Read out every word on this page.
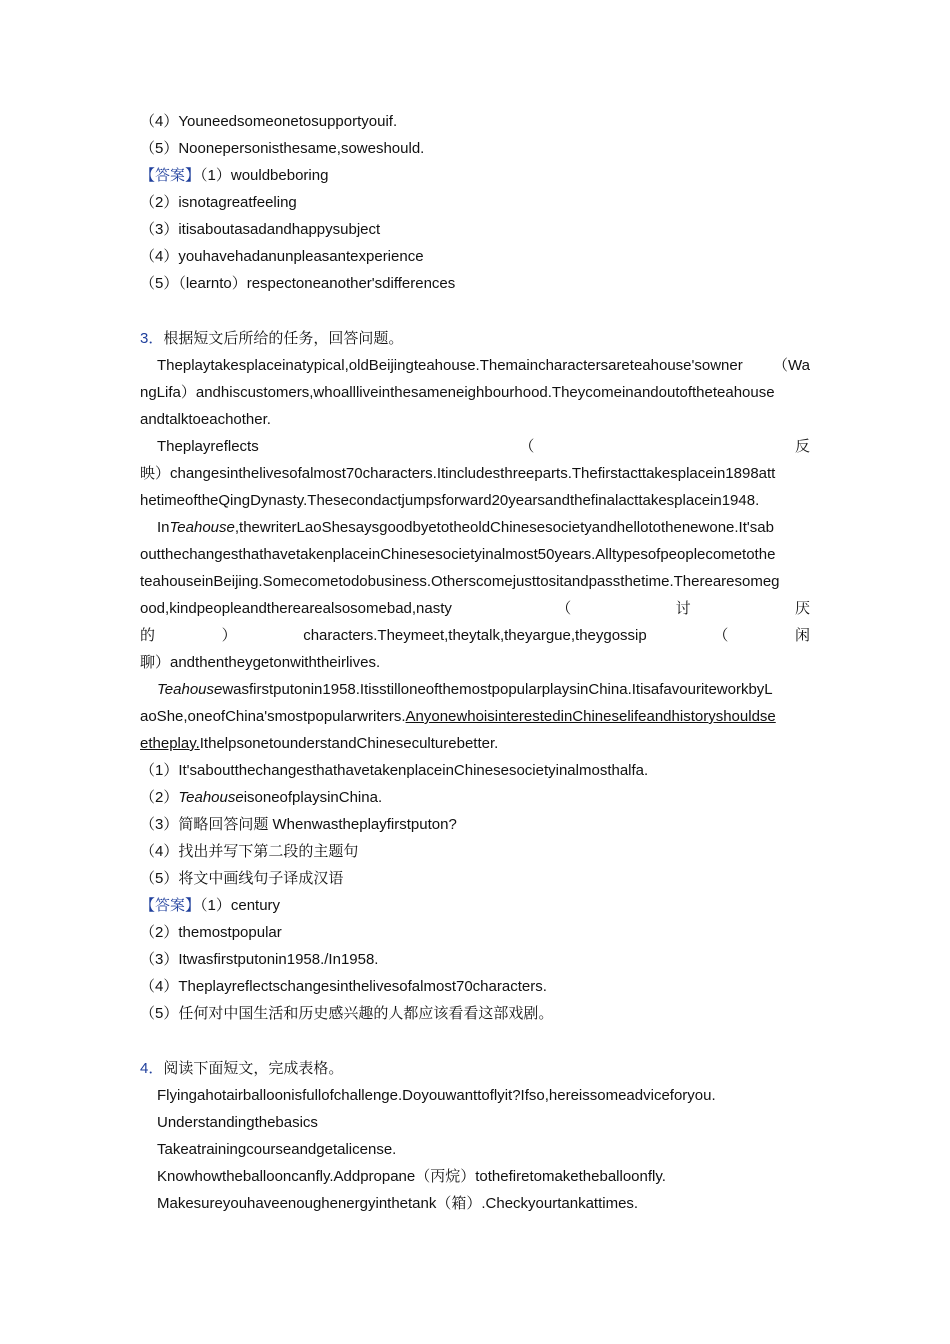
（4）Youneedsomeonetosupportyouif.
（5）Noonepersonisthesame,soweshould.
【答案】（1）wouldbeboring
（2）isnotagreatfeeling
（3）itisaboutasadandhappysubject
（4）youhavehadanunpleasantexperience
（5）（learnto）respectoneanother'sdifferences
3．根据短文后所给的任务，回答问题。
Theplaytakesplaceinatypical,oldBeijingteahouse.Themaincharactersareteahouse'sowner （Wa
ngLifa）andhiscustomers,whoallliveinthesameneighbourhood.Theycomeinandoutoftheteahouse
andtalktoeachother.
Theplayreflects	（	反
映）changesinthelivesofalmost70characters.Itincludesthreeparts.Thefirstacttakesplacein1898att
hetimeoftheQingDynasty.Thesecondactjumpsforward20yearsandthefinalacttakesplacein1948.
InTeahouse,thewriterLaoShesaysgoodbyetotheoldChinesesocietyandhellotothenewone.It'sab
outthechangesthathavetakenplaceinChinesesocietyinalmost50years.Alltypesofpeoplecometothe
teahouseinBeijing.Somecometodobusiness.Otherscomejusttositandpassthetime.Therearesomeg
ood,kindpeopleandtherearealsosomebad,nasty	（	讨	厌
的	）	characters.Theymeet,theytalk,theyargue,theygossip	（	闲
聊）andthentheygetonwiththeirlives.
Teahousewasfirstputonin1958.ItisstilloneofthemostpopularplaysinChina.ItisafavouriteworkbyL
aoShe,oneofChina'smostpopularwriters.AnyonewhoisinterestedinChineselifeandhistoryshouldse
etheplay.IthelpsonetounderstandChineseculturebetter.
（1）It'sabout​thechangesthathavetakenplaceinChinesesocietyinalmosthalfa.
（2）TeahouseisoneofplaysinChina.
（3）简略回答问题 Whenwastheplayfirstputon?
（4）找出并写下第二段的主题句
（5）将文中画线句子译成汉语
【答案】（1）century
（2）themostpopular
（3）Itwasfirstputonin1958./In1958.
（4）Theplayreflectschangesinthelivesofalmost70characters.
（5）任何对中国生活和历史感兴趣的人都应该看看这部戏剧。
4．阅读下面短文，完成表格。
Flyingahotairballoonisfullofchallenge.Doyouwanttoflyit?Ifso,hereissomeadviceforyou.
Understandingthebasics
Takeatrainingcourseandgetalicense.
Knowhowtheballooncanfly.Addpropane（丙烷）tothefiretomaketheballoonfly.
Makesureyouhaveenoughenergyinthetank（箱）.Checkyourtankattimes.
